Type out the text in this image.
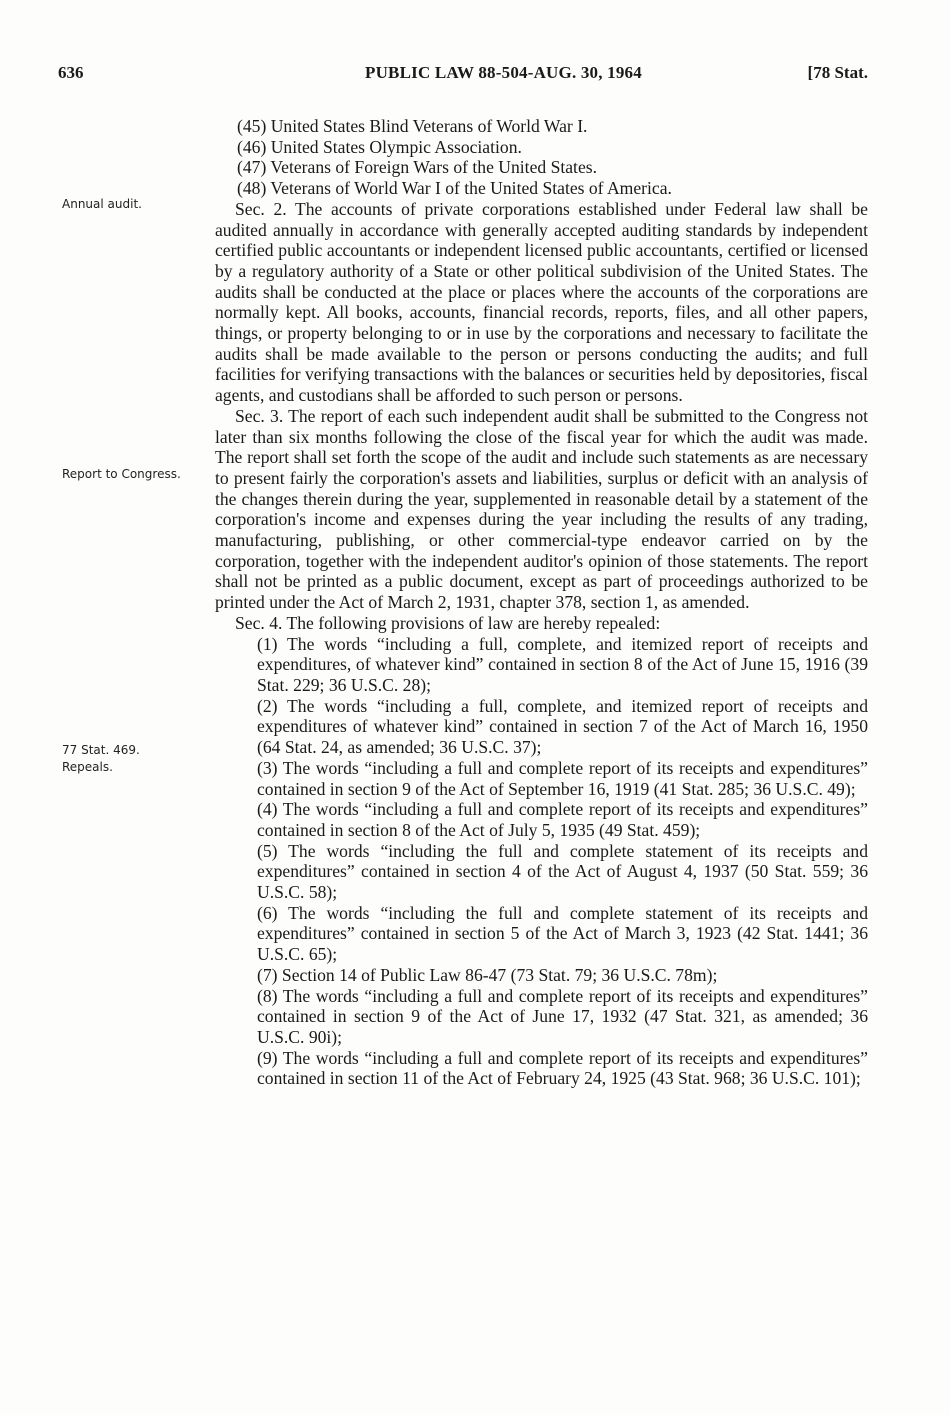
636	PUBLIC LAW 88-504-AUG. 30, 1964	[78 Stat.
Annual audit.
Report to Congress.
77 Stat. 469.
Repeals.

(45) United States Blind Veterans of World War I.

(46) United States Olympic Association.

(47) Veterans of Foreign Wars of the United States.

(48) Veterans of World War I of the United States of America.

Sec. 2. The accounts of private corporations established under Federal law shall be audited annually in accordance with generally accepted auditing standards by independent certified public accountants or independent licensed public accountants, certified or licensed by a regulatory authority of a State or other political subdivision of the United States. The audits shall be conducted at the place or places where the accounts of the corporations are normally kept. All books, accounts, financial records, reports, files, and all other papers, things, or property belonging to or in use by the corporations and necessary to facilitate the audits shall be made available to the person or persons conducting the audits; and full facilities for verifying transactions with the balances or securities held by depositories, fiscal agents, and custodians shall be afforded to such person or persons.

Sec. 3. The report of each such independent audit shall be submitted to the Congress not later than six months following the close of the fiscal year for which the audit was made. The report shall set forth the scope of the audit and include such statements as are necessary to present fairly the corporation's assets and liabilities, surplus or deficit with an analysis of the changes therein during the year, supplemented in reasonable detail by a statement of the corporation's income and expenses during the year including the results of any trading, manufacturing, publishing, or other commercial-type endeavor carried on by the corporation, together with the independent auditor's opinion of those statements. The report shall not be printed as a public document, except as part of proceedings authorized to be printed under the Act of March 2, 1931, chapter 378, section 1, as amended.

Sec. 4. The following provisions of law are hereby repealed:

(1) The words “including a full, complete, and itemized report of receipts and expenditures, of whatever kind” contained in section 8 of the Act of June 15, 1916 (39 Stat. 229; 36 U.S.C. 28);

(2) The words “including a full, complete, and itemized report of receipts and expenditures of whatever kind” contained in section 7 of the Act of March 16, 1950 (64 Stat. 24, as amended; 36 U.S.C. 37);

(3) The words “including a full and complete report of its receipts and expenditures” contained in section 9 of the Act of September 16, 1919 (41 Stat. 285; 36 U.S.C. 49);

(4) The words “including a full and complete report of its receipts and expenditures” contained in section 8 of the Act of July 5, 1935 (49 Stat. 459);

(5) The words “including the full and complete statement of its receipts and expenditures” contained in section 4 of the Act of August 4, 1937 (50 Stat. 559; 36 U.S.C. 58);

(6) The words “including the full and complete statement of its receipts and expenditures” contained in section 5 of the Act of March 3, 1923 (42 Stat. 1441; 36 U.S.C. 65);

(7) Section 14 of Public Law 86-47 (73 Stat. 79; 36 U.S.C. 78m);

(8) The words “including a full and complete report of its receipts and expenditures” contained in section 9 of the Act of June 17, 1932 (47 Stat. 321, as amended; 36 U.S.C. 90i);

(9) The words “including a full and complete report of its receipts and expenditures” contained in section 11 of the Act of February 24, 1925 (43 Stat. 968; 36 U.S.C. 101);
